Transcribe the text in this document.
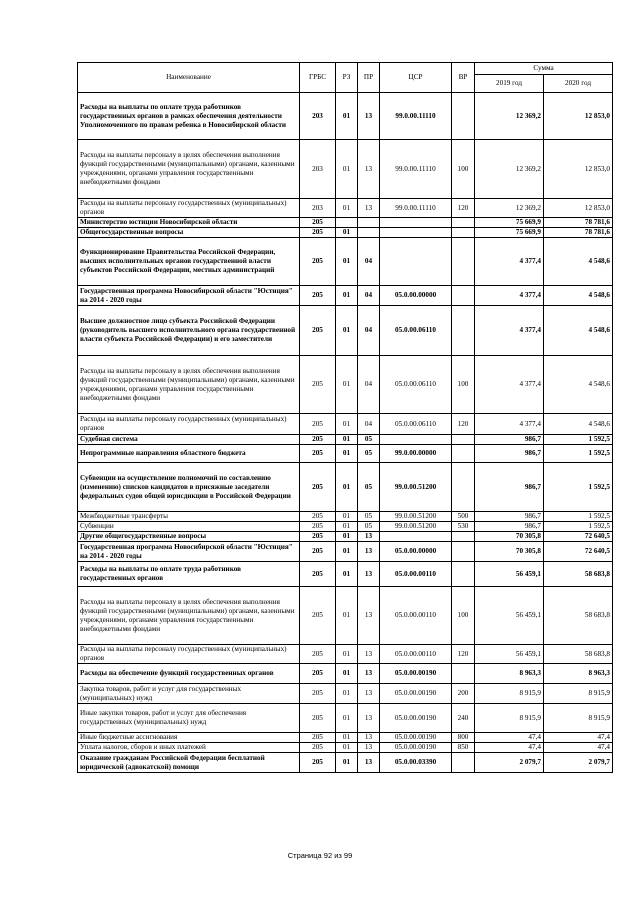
Наименование	ГРБС	РЗ	ПР	ЦСР	ВР	Сумма	
						2019 год	2020 год
Расходы на выплаты по оплате труда работников государственных органов в рамках обеспечения деятельности Уполномоченного по правам ребенка в Новосибирской области	203	01	13	99.0.00.11110		12 369,2	12 853,0
Расходы на выплаты персоналу в целях обеспечения выполнения функций государственными (муниципальными) органами, казенными учреждениями, органами управления государственными внебюджетными фондами	203	01	13	99.0.00.11110	100	12 369,2	12 853,0
Расходы на выплаты персоналу государственных (муниципальных) органов	203	01	13	99.0.00.11110	120	12 369,2	12 853,0
Министерство юстиции Новосибирской области	205					75 669,9	78 781,6
Общегосударственные вопросы	205	01				75 669,9	78 781,6
Функционирование Правительства Российской Федерации, высших исполнительных органов государственной власти субъектов Российской Федерации, местных администраций	205	01	04			4 377,4	4 548,6
Государственная программа Новосибирской области "Юстиция" на 2014 - 2020 годы	205	01	04	05.0.00.00000		4 377,4	4 548,6
Высшее должностное лицо субъекта Российской Федерации (руководитель высшего исполнительного органа государственной власти субъекта Российской Федерации) и его заместители	205	01	04	05.0.00.06110		4 377,4	4 548,6
Расходы на выплаты персоналу в целях обеспечения выполнения функций государственными (муниципальными) органами, казенными учреждениями, органами управления государственными внебюджетными фондами	205	01	04	05.0.00.06110	100	4 377,4	4 548,6
Расходы на выплаты персоналу государственных (муниципальных) органов	205	01	04	05.0.00.06110	120	4 377,4	4 548,6
Судебная система	205	01	05			986,7	1 592,5
Непрограммные направления областного бюджета	205	01	05	99.0.00.00000		986,7	1 592,5
Субвенции на осуществление полномочий по составлению (изменению) списков кандидатов в присяжные заседатели федеральных судов общей юрисдикции в Российской Федерации	205	01	05	99.0.00.51200		986,7	1 592,5
Межбюджетные трансферты	205	01	05	99.0.00.51200	500	986,7	1 592,5
Субвенции	205	01	05	99.0.00.51200	530	986,7	1 592,5
Другие общегосударственные вопросы	205	01	13			70 305,8	72 640,5
Государственная программа Новосибирской области "Юстиция" на 2014 - 2020 годы	205	01	13	05.0.00.00000		70 305,8	72 640,5
Расходы на выплаты по оплате труда работников государственных органов	205	01	13	05.0.00.00110		56 459,1	58 683,8
Расходы на выплаты персоналу в целях обеспечения выполнения функций государственными (муниципальными) органами, казенными учреждениями, органами управления государственными внебюджетными фондами	205	01	13	05.0.00.00110	100	56 459,1	58 683,8
Расходы на выплаты персоналу государственных (муниципальных) органов	205	01	13	05.0.00.00110	120	56 459,1	58 683,8
Расходы на обеспечение функций государственных органов	205	01	13	05.0.00.00190		8 963,3	8 963,3
Закупка товаров, работ и услуг для государственных (муниципальных) нужд	205	01	13	05.0.00.00190	200	8 915,9	8 915,9
Иные закупки товаров, работ и услуг для обеспечения государственных (муниципальных) нужд	205	01	13	05.0.00.00190	240	8 915,9	8 915,9
Иные бюджетные ассигнования	205	01	13	05.0.00.00190	800	47,4	47,4
Уплата налогов, сборов и иных платежей	205	01	13	05.0.00.00190	850	47,4	47,4
Оказание гражданам Российской Федерации бесплатной юридической (адвокатской) помощи	205	01	13	05.0.00.03390		2 079,7	2 079,7
Страница 92 из 99
